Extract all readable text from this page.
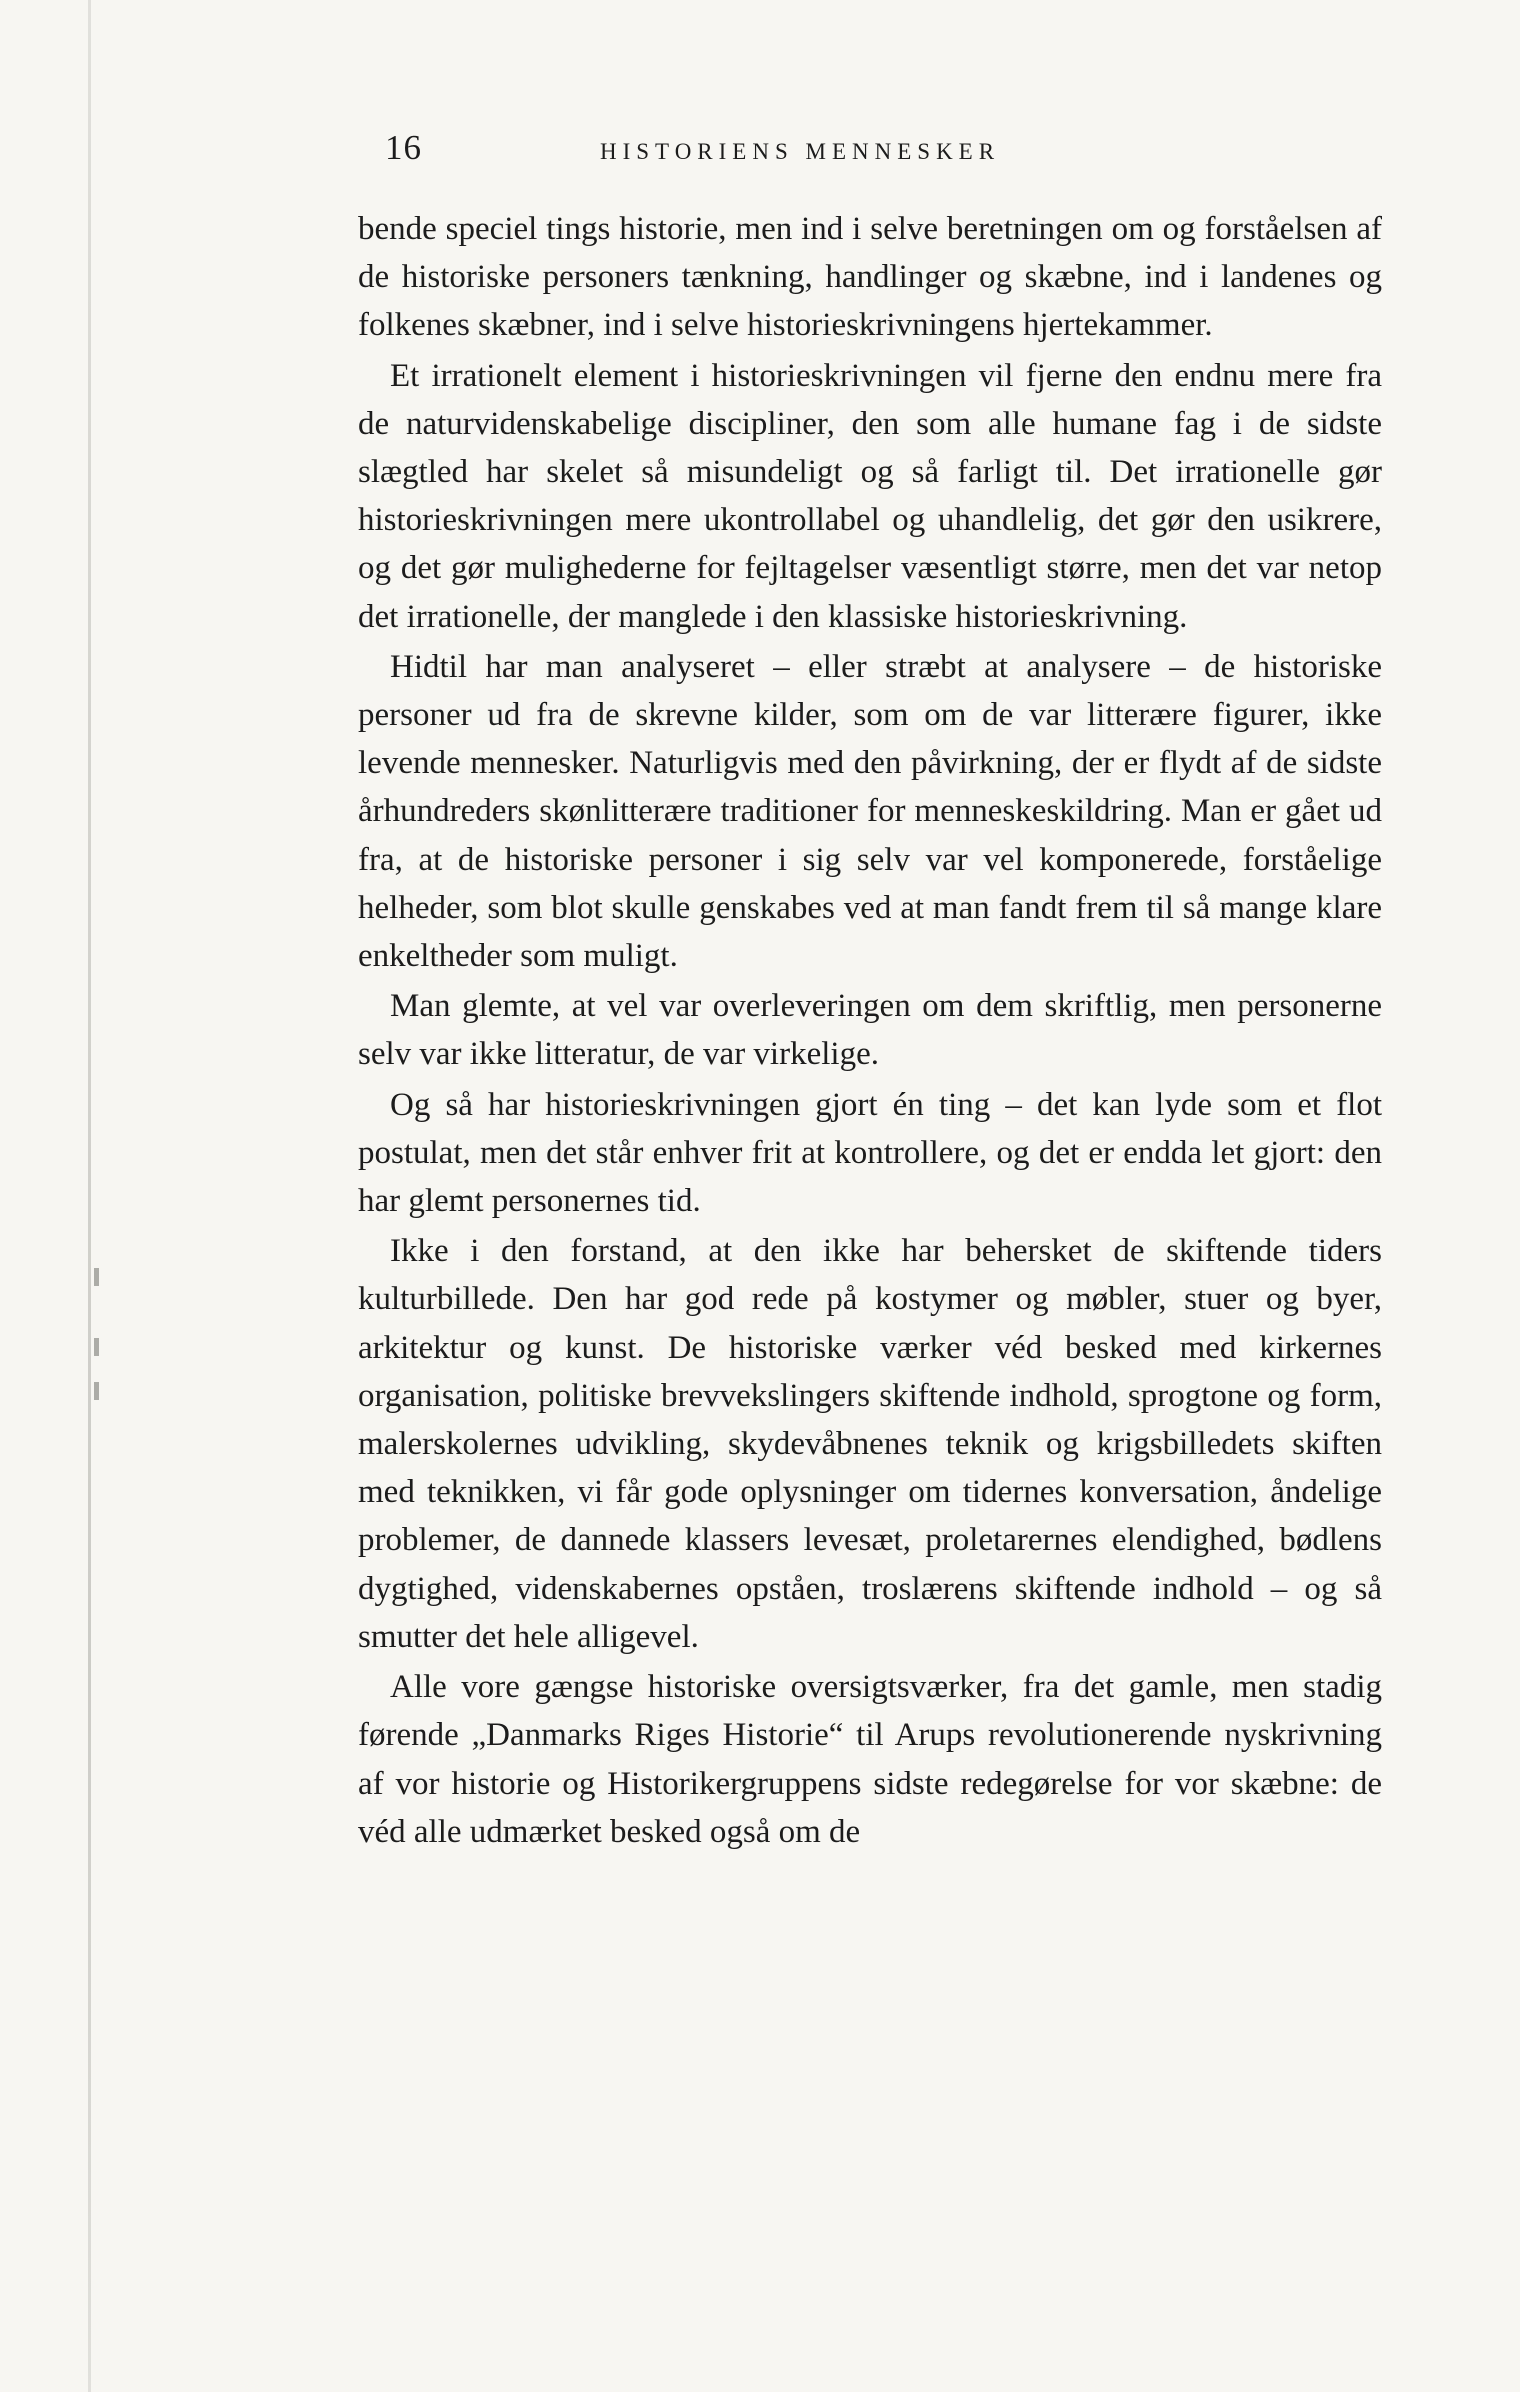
16	HISTORIENS MENNESKER

bende speciel tings historie, men ind i selve beretningen om og forståelsen af de historiske personers tænkning, handlinger og skæbne, ind i landenes og folkenes skæbner, ind i selve historieskrivningens hjertekammer.

Et irrationelt element i historieskrivningen vil fjerne den endnu mere fra de naturvidenskabelige discipliner, den som alle humane fag i de sidste slægtled har skelet så misundeligt og så farligt til. Det irrationelle gør historieskrivningen mere ukontrollabel og uhandlelig, det gør den usikrere, og det gør mulighederne for fejltagelser væsentligt større, men det var netop det irrationelle, der manglede i den klassiske historieskrivning.

Hidtil har man analyseret – eller stræbt at analysere – de historiske personer ud fra de skrevne kilder, som om de var litterære figurer, ikke levende mennesker. Naturligvis med den påvirkning, der er flydt af de sidste århundreders skønlitterære traditioner for menneskeskildring. Man er gået ud fra, at de historiske personer i sig selv var vel komponerede, forståelige helheder, som blot skulle genskabes ved at man fandt frem til så mange klare enkeltheder som muligt.

Man glemte, at vel var overleveringen om dem skriftlig, men personerne selv var ikke litteratur, de var virkelige.

Og så har historieskrivningen gjort én ting – det kan lyde som et flot postulat, men det står enhver frit at kontrollere, og det er endda let gjort: den har glemt personernes tid.

Ikke i den forstand, at den ikke har behersket de skiftende tiders kulturbillede. Den har god rede på kostymer og møbler, stuer og byer, arkitektur og kunst. De historiske værker véd besked med kirkernes organisation, politiske brevvekslingers skiftende indhold, sprogtone og form, malerskolernes udvikling, skydevåbnenes teknik og krigsbilledets skiften med teknikken, vi får gode oplysninger om tidernes konversation, åndelige problemer, de dannede klassers levesæt, proletarernes elendighed, bødlens dygtighed, videnskabernes opståen, troslærens skiftende indhold – og så smutter det hele alligevel.

Alle vore gængse historiske oversigtsværker, fra det gamle, men stadig førende „Danmarks Riges Historie“ til Arups revolutionerende nyskrivning af vor historie og Historikergruppens sidste redegørelse for vor skæbne: de véd alle udmærket besked også om de
